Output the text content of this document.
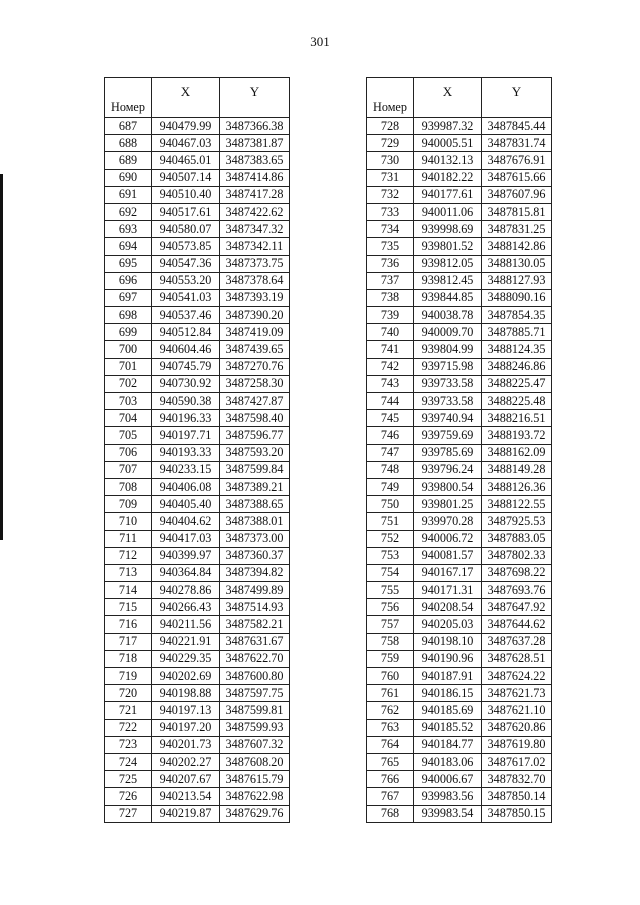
301
Номер	X	Y
687	940479.99	3487366.38
688	940467.03	3487381.87
689	940465.01	3487383.65
690	940507.14	3487414.86
691	940510.40	3487417.28
692	940517.61	3487422.62
693	940580.07	3487347.32
694	940573.85	3487342.11
695	940547.36	3487373.75
696	940553.20	3487378.64
697	940541.03	3487393.19
698	940537.46	3487390.20
699	940512.84	3487419.09
700	940604.46	3487439.65
701	940745.79	3487270.76
702	940730.92	3487258.30
703	940590.38	3487427.87
704	940196.33	3487598.40
705	940197.71	3487596.77
706	940193.33	3487593.20
707	940233.15	3487599.84
708	940406.08	3487389.21
709	940405.40	3487388.65
710	940404.62	3487388.01
711	940417.03	3487373.00
712	940399.97	3487360.37
713	940364.84	3487394.82
714	940278.86	3487499.89
715	940266.43	3487514.93
716	940211.56	3487582.21
717	940221.91	3487631.67
718	940229.35	3487622.70
719	940202.69	3487600.80
720	940198.88	3487597.75
721	940197.13	3487599.81
722	940197.20	3487599.93
723	940201.73	3487607.32
724	940202.27	3487608.20
725	940207.67	3487615.79
726	940213.54	3487622.98
727	940219.87	3487629.76
Номер	X	Y
728	939987.32	3487845.44
729	940005.51	3487831.74
730	940132.13	3487676.91
731	940182.22	3487615.66
732	940177.61	3487607.96
733	940011.06	3487815.81
734	939998.69	3487831.25
735	939801.52	3488142.86
736	939812.05	3488130.05
737	939812.45	3488127.93
738	939844.85	3488090.16
739	940038.78	3487854.35
740	940009.70	3487885.71
741	939804.99	3488124.35
742	939715.98	3488246.86
743	939733.58	3488225.47
744	939733.58	3488225.48
745	939740.94	3488216.51
746	939759.69	3488193.72
747	939785.69	3488162.09
748	939796.24	3488149.28
749	939800.54	3488126.36
750	939801.25	3488122.55
751	939970.28	3487925.53
752	940006.72	3487883.05
753	940081.57	3487802.33
754	940167.17	3487698.22
755	940171.31	3487693.76
756	940208.54	3487647.92
757	940205.03	3487644.62
758	940198.10	3487637.28
759	940190.96	3487628.51
760	940187.91	3487624.22
761	940186.15	3487621.73
762	940185.69	3487621.10
763	940185.52	3487620.86
764	940184.77	3487619.80
765	940183.06	3487617.02
766	940006.67	3487832.70
767	939983.56	3487850.14
768	939983.54	3487850.15
